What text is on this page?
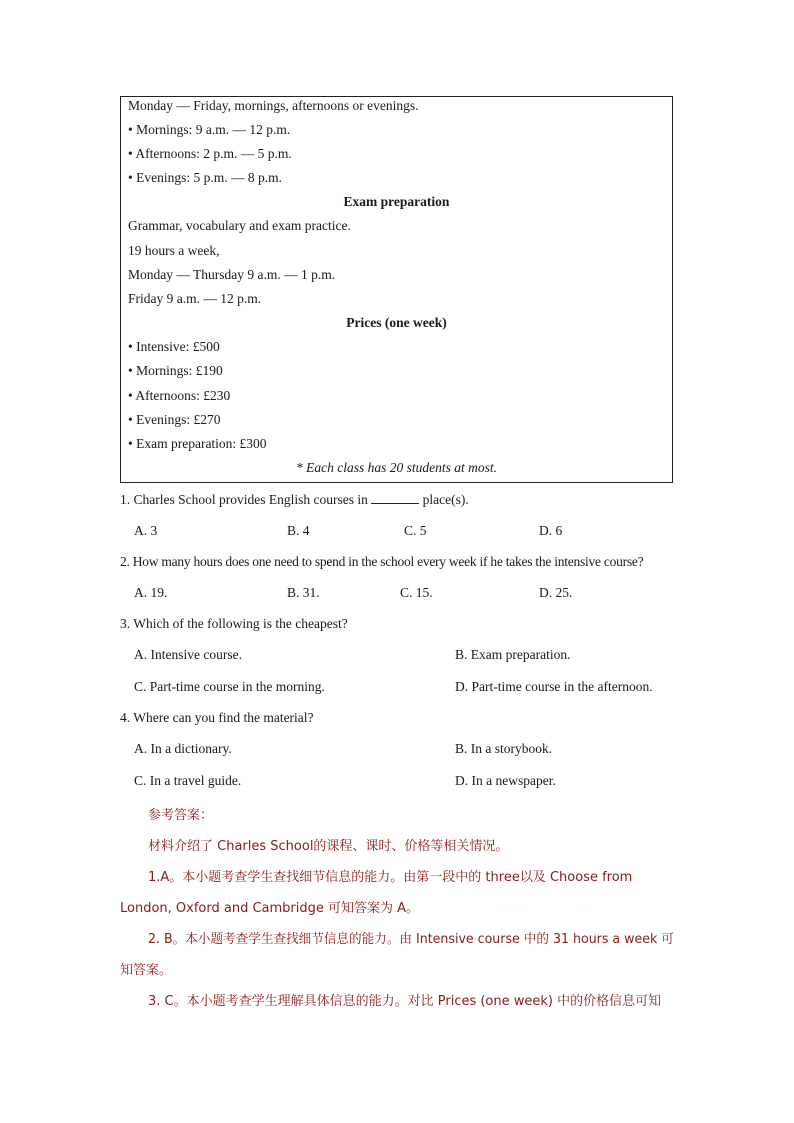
Monday — Friday, mornings, afternoons or evenings.
• Mornings: 9 a.m. — 12 p.m.
• Afternoons: 2 p.m. — 5 p.m.
• Evenings: 5 p.m. — 8 p.m.
Exam preparation
Grammar, vocabulary and exam practice.
19 hours a week,
Monday — Thursday 9 a.m. — 1 p.m.
Friday 9 a.m. — 12 p.m.
Prices (one week)
• Intensive: £500
• Mornings: £190
• Afternoons: £230
• Evenings: £270
• Exam preparation: £300
* Each class has 20 students at most.
1. Charles School provides English courses in	place(s).
A. 3	B. 4	C. 5	D. 6
2. How many hours does one need to spend in the school every week if he takes the intensive course?
A. 19.	B. 31.	C. 15.	D. 25.
3. Which of the following is the cheapest?
A. Intensive course.	B. Exam preparation.
C. Part-time course in the morning.	D. Part-time course in the afternoon.
4. Where can you find the material?
A. In a dictionary.	B. In a storybook.
C. In a travel guide.	D. In a newspaper.
参考答案：
材料介绍了 Charles School的课程、课时、价格等相关情况。
1.A。本小题考查学生查找细节信息的能力。由第一段中的 three以及 Choose from
London, Oxford and Cambridge 可知答案为 A。
2. B。本小题考查学生查找细节信息的能力。由 Intensive course 中的 31 hours a week 可
知答案。
3. C。本小题考查学生理解具体信息的能力。对比 Prices (one week) 中的价格信息可知
